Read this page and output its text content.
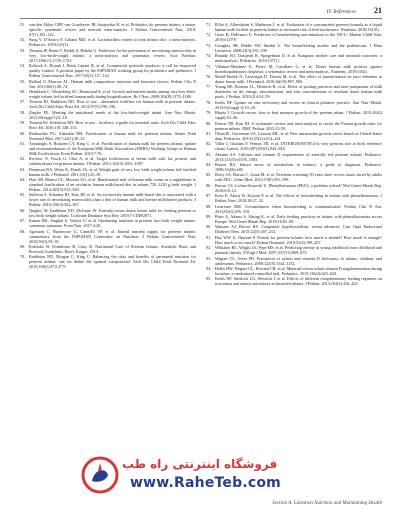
IV. References 21
51. van den Akker CHP, van Goudoever JB, Szajewska H, et al. Probiotics for preterm infants: a strain-specific systematic review and network meta-analysis. J Pediatr Gastroenterol Nutr. 2018; 67(1):103–122.
52. Sung V, D'Amico F, Cabana MD, et al. Lactobacillus reuteri to treat infant colic: a meta-analysis. Pediatrics. 2018;141(1).
53. Thomas JP, Raine T, Reddy S, Belteki G. Probiotics for the prevention of necrotising enterocolitis in very low-birth-weight infants: a meta-analysis and systematic review. Acta Paediatr. 2017;106(11):1729–1741.
54. Kolacek S, Hojsak I, Berni Canani R, et al. Commercial probiotic products: a call for improved quality control. A position paper by the ESPGHAN working group for probiotics and prebiotics. J Pediatr Gastroenterol Nutr. 2017;65(1):117–124.
55. Ballard O, Morrow AL. Human milk composition: nutrients and bioactive factors. Pediatr Clin N Am. 2013;60(1):49–74.
56. Henriksen C, Westerberg AC, Ronnestad A, et al. Growth and nutrient intake among very-low-birth-weight infants fed fortified human milk during hospitalisation. Br J Nutr. 2009;102(8):1179–1186.
57. Tinnion RJ, Embleton ND. How to use... alternative fortifiers for human milk in preterm infants. Arch Dis Child Educ Pract Ed. 2012;97(5):190–196.
58. Ziegler EE. Meeting the nutritional needs of the low-birth-weight infant. Ann Nutr Metab. 2011;58(suppl 1):8–18.
59. Tinnion RJ, Embleton ND. How to use... fortifiers: a guide for neonatal units. Arch Dis Child Educ Pract Ed. 2016;101:148–153.
60. Radmacher PG, Adamkin DH. Fortification of human milk for preterm infants. Semin Fetal Neonatal Med. 2017;22(1):30–35.
61. Arslanoglu S, Boquien CY, King C, et al. Fortification of human milk for preterm infants: update and recommendations of the European Milk Bank Association (EMBA) Working Group on Human Milk Fortification. Front Pediatr. 2019;7:76.
62. Rochow N, Fusch G, Choi A, et al. Target fortification of breast milk with fat, protein, and carbohydrates for preterm infants. J Pediatr. 2013;163(4):1001–1007.
63. Dennison BA, Weiss K, Dusek JA, et al. Weight gain of very low birth weight infants fed fortified human milk. J Perinatol. 2011;31(1):25–29.
64. Hair AB, Blanco CL, Moreira AG, et al. Randomized trial of human milk cream as a supplement to standard fortification of an exclusive human milk-based diet in infants 750–1250 g birth weight. J Pediatr. 2014;165(5):915–920.
65. Sullivan S, Schanler RJ, Kim JH, et al. An exclusively human milk-based diet is associated with a lower rate of necrotizing enterocolitis than a diet of human milk and bovine milk-based products. J Pediatr. 2010;156(4):562–567.
66. Quigley M, Embleton ND, McGuire W. Formula versus donor breast milk for feeding preterm or low birth weight infants. Cochrane Database Syst Rev. 2019;7:CD002971.
67. Kumar RK, Singhal A, Vaidya U, et al. Optimizing nutrition in preterm low birth weight infants: consensus summary. Front Nutr. 2017;4:20.
68. Agostoni C, Buonocore G, Carnielli VP, et al. Enteral nutrient supply for preterm infants: commentary from the ESPGHAN Committee on Nutrition. J Pediatr Gastroenterol Nutr. 2010;50(1):85–91.
69. Koletzko B, Poindexter B, Uauy R. Nutritional Care of Preterm Infants: Scientific Basis and Practical Guidelines. Basel: Karger; 2014.
70. Embleton ND, Morgan C, King C. Balancing the risks and benefits of parenteral nutrition for preterm infants: can we define the optimal composition? Arch Dis Child Fetal Neonatal Ed. 2015;100(1):F72–F75.
71. Pillai A, Albersheim S, Matheson J, et al. Evaluation of a concentrated preterm formula as a liquid human milk fortifier in preterm babies at increased risk of feed intolerance. Nutrients. 2018;10(10).
72. Gertz B, DeFranco E. Predictors of breastfeeding non-initiation in the NICU. Matern Child Nutr. 2019;e12797.
73. Geraghty SR, Riddle SW, Shaikh U. The breastfeeding mother and the pediatrician. J Hum Lactation. 2008;24(3):335–339.
74. Boundy EO, Dastjerdi R, Spiegelman D, et al. Kangaroo mother care and neonatal outcomes: a meta-analysis. Pediatrics. 2016;137(1).
75. Villamor-Martinez E, Pierro M, Cavallaro G, et al. Donor human milk protects against bronchopulmonary dysplasia: a systematic review and meta-analysis. Nutrients. 2018;10(2).
76. Mohd-Taufek N, Cartwright D, Davies M, et al. The effect of pasteurization on trace elements in donor breast milk. J Perinatol. 2016;36(10):897–900.
77. Young BE, Borman LL, Heinrich R, et al. Effect of pooling practices and time postpartum of milk donations on the energy, macronutrient, and zinc concentrations of resultant donor human milk pools. J Pediatr. 2019;214:54–59.
78. Krebs NF. Update on zinc deficiency and excess in clinical pediatric practice. Ann Nutr Metab. 2013;62(suppl 1):19–29.
79. Bhatia J. Growth curves: how to best measure growth of the preterm infant. J Pediatr. 2013;162(3 suppl):S2–S6.
80. Fenton TR, Kim JH. A systematic review and meta-analysis to revise the Fenton growth chart for preterm infants. BMC Pediatr. 2013;13:59.
81. Olsen IE, Groveman SA, Lawson ML, et al. New intrauterine growth curves based on United States data. Pediatrics. 2010;125(2):e214–224.
82. Villar J, Giuliani F, Fenton TR, et al. INTERGROWTH-21st very preterm size at birth reference charts. Lancet. 2016;387(10021):844–845.
83. Abrams SA. Calcium and vitamin D requirements of enterally fed preterm infants. Pediatrics. 2013;131(5):e1676–1683.
84. Barton BA. Inborn errors of metabolism in infancy: a guide to diagnosis. Pediatrics. 1998;102(6):e69.
85. Berry SA, Brown C, Grant M, et al. Newborn screening 50 years later: access issues faced by adults with PKU. Genet Med. 2013;15(8):591–599.
86. Brown CS, Lichter-Konecki U. Phenylketonuria (PKU): a problem solved? Mol Genet Metab Rep. 2016;6:8–12.
87. Kose E, Aksoy B, Kuyum P, et al. The effects of breastfeeding in infants with phenylketonuria. J Pediatr Nurs. 2018;38:27–32.
88. Lawrence RM. Circumstances when breastfeeding is contraindicated. Pediatr Clin N Am. 2013;60(1):295–318.
89. Pinto A, Adams S, Ahring K, et al. Early feeding practices in infants with phenylketonuria across Europe. Mol Genet Metab Rep. 2018;16:82–89.
90. Wassner AJ, Brown RS. Congenital hypothyroidism: recent advances. Curr Opin Endocrinol Diabetes Obes. 2015;22(5):407–412.
91. Hay WW Jr, Thureen P. Protein for preterm infants: how much is needed? How much is enough? How much is too much? Pediatr Neonatol. 2010;51(4):198–207.
92. Whitaker RC, Wright JA, Pepe MS, et al. Predicting obesity in young adulthood from childhood and parental obesity. N Engl J Med. 1997;337(13):869–873.
93. Wagner CL, Greer FR. Prevention of rickets and vitamin D deficiency in infants, children, and adolescents. Pediatrics. 2008;122(5):1142–1152.
94. Hollis BW, Wagner CL, Howard CR, et al. Maternal versus infant vitamin D supplementation during lactation: a randomized controlled trial. Pediatrics. 2015;136(4):625–634.
95. Krebs NF, Sherlock LG, Westcott J, et al. Effects of different complementary feeding regimens on iron status and enteric microbiota in breastfed infants. J Pediatr. 2013;163(2):416–423.
فروشگاه اینترنتی راه طب
www.RaheTeb.com
Section A. Lactation Nutrition and Maintaining Health
